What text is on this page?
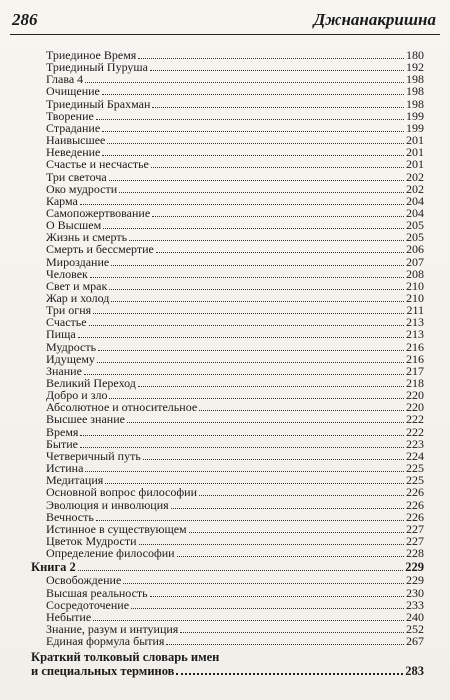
286	Джнанакришна
Триединое Время	180
Триединый Пуруша	192
Глава 4	198
Очищение	198
Триединый Брахман	198
Творение	199
Страдание	199
Наивысшее	201
Неведение	201
Счастье и несчастье	201
Три светоча	202
Око мудрости	202
Карма	204
Самопожертвование	204
О Высшем	205
Жизнь и смерть	205
Смерть и бессмертие	206
Мироздание	207
Человек	208
Свет и мрак	210
Жар и холод	210
Три огня	211
Счастье	213
Пища	213
Мудрость	216
Идущему	216
Знание	217
Великий Переход	218
Добро и зло	220
Абсолютное и относительное	220
Высшее знание	222
Время	222
Бытие	223
Четверичный путь	224
Истина	225
Медитация	225
Основной вопрос философии	226
Эволюция и инволюция	226
Вечность	226
Истинное в существующем	227
Цветок Мудрости	227
Определение философии	228
Книга 2	229
Освобождение	229
Высшая реальность	230
Сосредоточение	233
Небытие	240
Знание, разум и интуиция	252
Единая формула бытия	267
Краткий толковый словарь имен
и специальных терминов	283
